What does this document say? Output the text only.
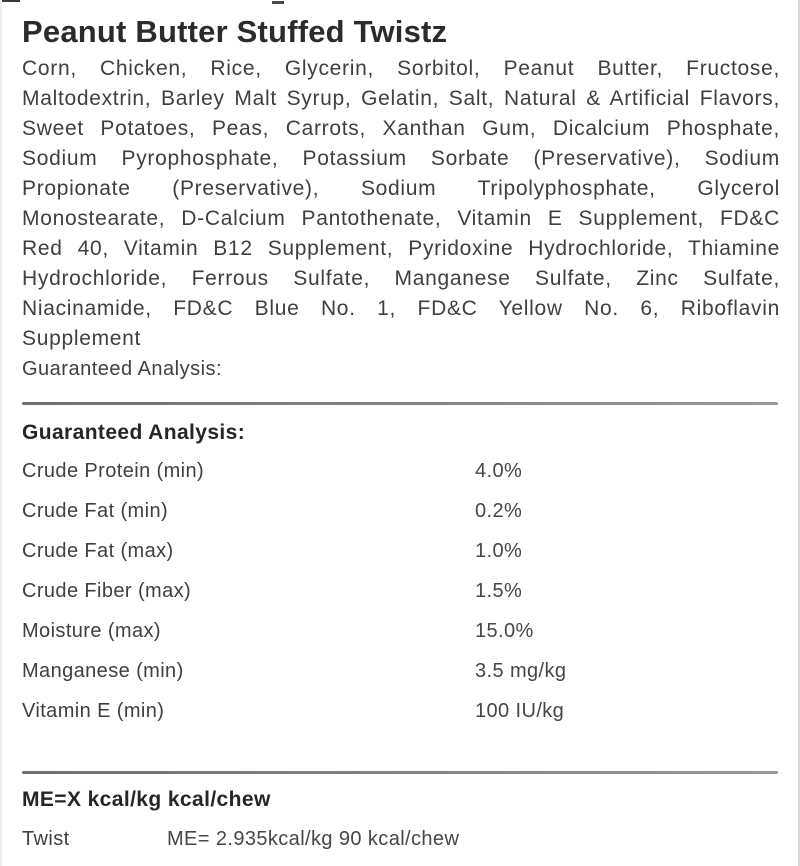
Peanut Butter Stuffed Twistz

Corn, Chicken, Rice, Glycerin, Sorbitol, Peanut Butter, Fructose, Maltodextrin, Barley Malt Syrup, Gelatin, Salt, Natural & Artificial Flavors, Sweet Potatoes, Peas, Carrots, Xanthan Gum, Dicalcium Phosphate, Sodium Pyrophosphate, Potassium Sorbate (Preservative), Sodium Propionate (Preservative), Sodium Tripolyphosphate, Glycerol Monostearate, D-Calcium Pantothenate, Vitamin E Supplement, FD&C Red 40, Vitamin B12 Supplement, Pyridoxine Hydrochloride, Thiamine Hydrochloride, Ferrous Sulfate, Manganese Sulfate, Zinc Sulfate, Niacinamide, FD&C Blue No. 1, FD&C Yellow No. 6, Riboflavin Supplement

Guaranteed Analysis:

Guaranteed Analysis:
Crude Protein (min)	4.0%
Crude Fat (min)	0.2%
Crude Fat (max)	1.0%
Crude Fiber (max)	1.5%
Moisture (max)	15.0%
Manganese (min)	3.5 mg/kg
Vitamin E (min)	100 IU/kg
ME=X kcal/kg kcal/chew
Twist	ME= 2.935kcal/kg 90 kcal/chew
